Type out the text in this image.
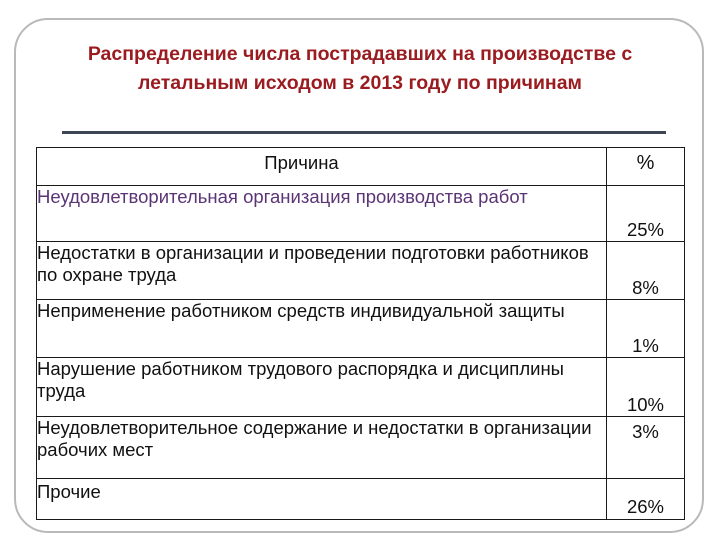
Распределение числа пострадавших на производстве с летальным исходом в 2013 году по причинам
Причина	%
Неудовлетворительная организация производства работ	25%
Недостатки в организации и проведении подготовки работников по охране труда	8%
Неприменение работником средств индивидуальной защиты	1%
Нарушение работником трудового распорядка и дисциплины труда	10%
Неудовлетворительное содержание и недостатки в организации рабочих мест	3%
Прочие	26%
